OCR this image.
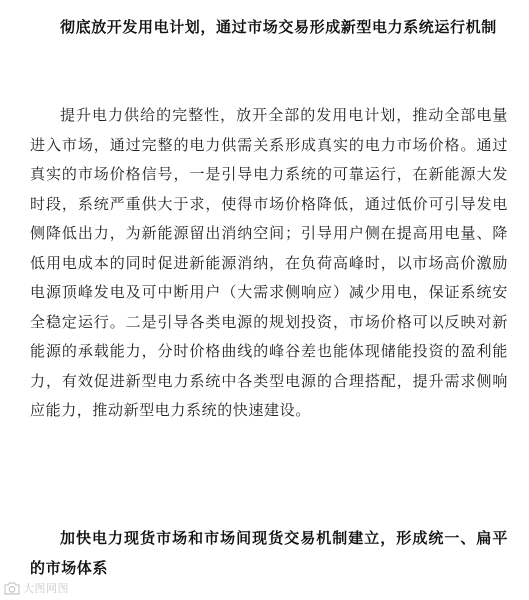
彻底放开发用电计划，通过市场交易形成新型电力系统运行机制

提升电力供给的完整性，放开全部的发用电计划，推动全部电量进入市场，通过完整的电力供需关系形成真实的电力市场价格。通过真实的市场价格信号，一是引导电力系统的可靠运行，在新能源大发时段，系统严重供大于求，使得市场价格降低，通过低价可引导发电侧降低出力，为新能源留出消纳空间；引导用户侧在提高用电量、降低用电成本的同时促进新能源消纳，在负荷高峰时，以市场高价激励电源顶峰发电及可中断用户（大需求侧响应）减少用电，保证系统安全稳定运行。二是引导各类电源的规划投资，市场价格可以反映对新能源的承载能力，分时价格曲线的峰谷差也能体现储能投资的盈利能力，有效促进新型电力系统中各类型电源的合理搭配，提升需求侧响应能力，推动新型电力系统的快速建设。

加快电力现货市场和市场间现货交易机制建立，形成统一、扁平的市场体系

大图网图
